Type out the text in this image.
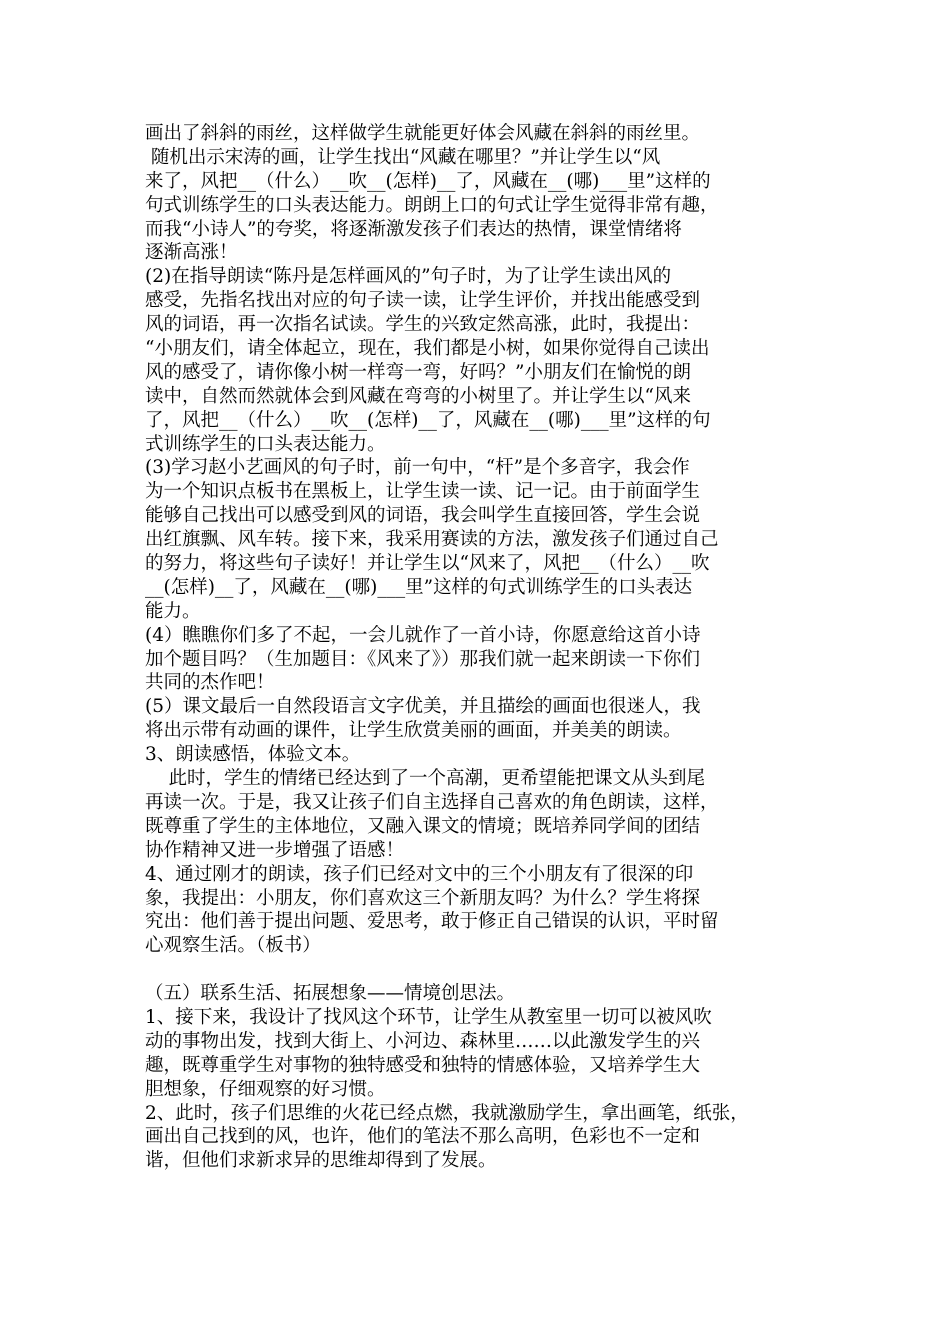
画出了斜斜的雨丝，这样做学生就能更好体会风藏在斜斜的雨丝里。
随机出示宋涛的画，让学生找出“风藏在哪里？”并让学生以“风
来了，风把__（什么）__吹__(怎样)__了，风藏在__(哪)___里”这样的
句式训练学生的口头表达能力。朗朗上口的句式让学生觉得非常有趣，
而我“小诗人”的夸奖，将逐渐激发孩子们表达的热情，课堂情绪将
逐渐高涨！
(2)在指导朗读“陈丹是怎样画风的”句子时，为了让学生读出风的
感受，先指名找出对应的句子读一读，让学生评价，并找出能感受到
风的词语，再一次指名试读。学生的兴致定然高涨，此时，我提出：
“小朋友们，请全体起立，现在，我们都是小树，如果你觉得自己读出
风的感受了，请你像小树一样弯一弯，好吗？”小朋友们在愉悦的朗
读中，自然而然就体会到风藏在弯弯的小树里了。并让学生以“风来
了，风把__（什么）__吹__(怎样)__了，风藏在__(哪)___里”这样的句
式训练学生的口头表达能力。
(3)学习赵小艺画风的句子时，前一句中，“杆”是个多音字，我会作
为一个知识点板书在黑板上，让学生读一读、记一记。由于前面学生
能够自己找出可以感受到风的词语，我会叫学生直接回答，学生会说
出红旗飘、风车转。接下来，我采用赛读的方法，激发孩子们通过自己
的努力，将这些句子读好！并让学生以“风来了，风把__（什么）__吹
__(怎样)__了，风藏在__(哪)___里”这样的句式训练学生的口头表达
能力。
(4）瞧瞧你们多了不起，一会儿就作了一首小诗，你愿意给这首小诗
加个题目吗？（生加题目：《风来了》）那我们就一起来朗读一下你们
共同的杰作吧！
(5）课文最后一自然段语言文字优美，并且描绘的画面也很迷人，我
将出示带有动画的课件，让学生欣赏美丽的画面，并美美的朗读。
3、朗读感悟，体验文本。
此时，学生的情绪已经达到了一个高潮，更希望能把课文从头到尾
再读一次。于是，我又让孩子们自主选择自己喜欢的角色朗读，这样，
既尊重了学生的主体地位，又融入课文的情境；既培养同学间的团结
协作精神又进一步增强了语感！
4、通过刚才的朗读，孩子们已经对文中的三个小朋友有了很深的印
象，我提出：小朋友，你们喜欢这三个新朋友吗？为什么？学生将探
究出：他们善于提出问题、爱思考，敢于修正自己错误的认识，平时留
心观察生活。（板书）
（五）联系生活、拓展想象——情境创思法。
1、接下来，我设计了找风这个环节，让学生从教室里一切可以被风吹
动的事物出发，找到大街上、小河边、森林里……以此激发学生的兴
趣，既尊重学生对事物的独特感受和独特的情感体验，又培养学生大
胆想象，仔细观察的好习惯。
2、此时，孩子们思维的火花已经点燃，我就激励学生，拿出画笔，纸张，
画出自己找到的风，也许，他们的笔法不那么高明，色彩也不一定和
谐，但他们求新求异的思维却得到了发展。
